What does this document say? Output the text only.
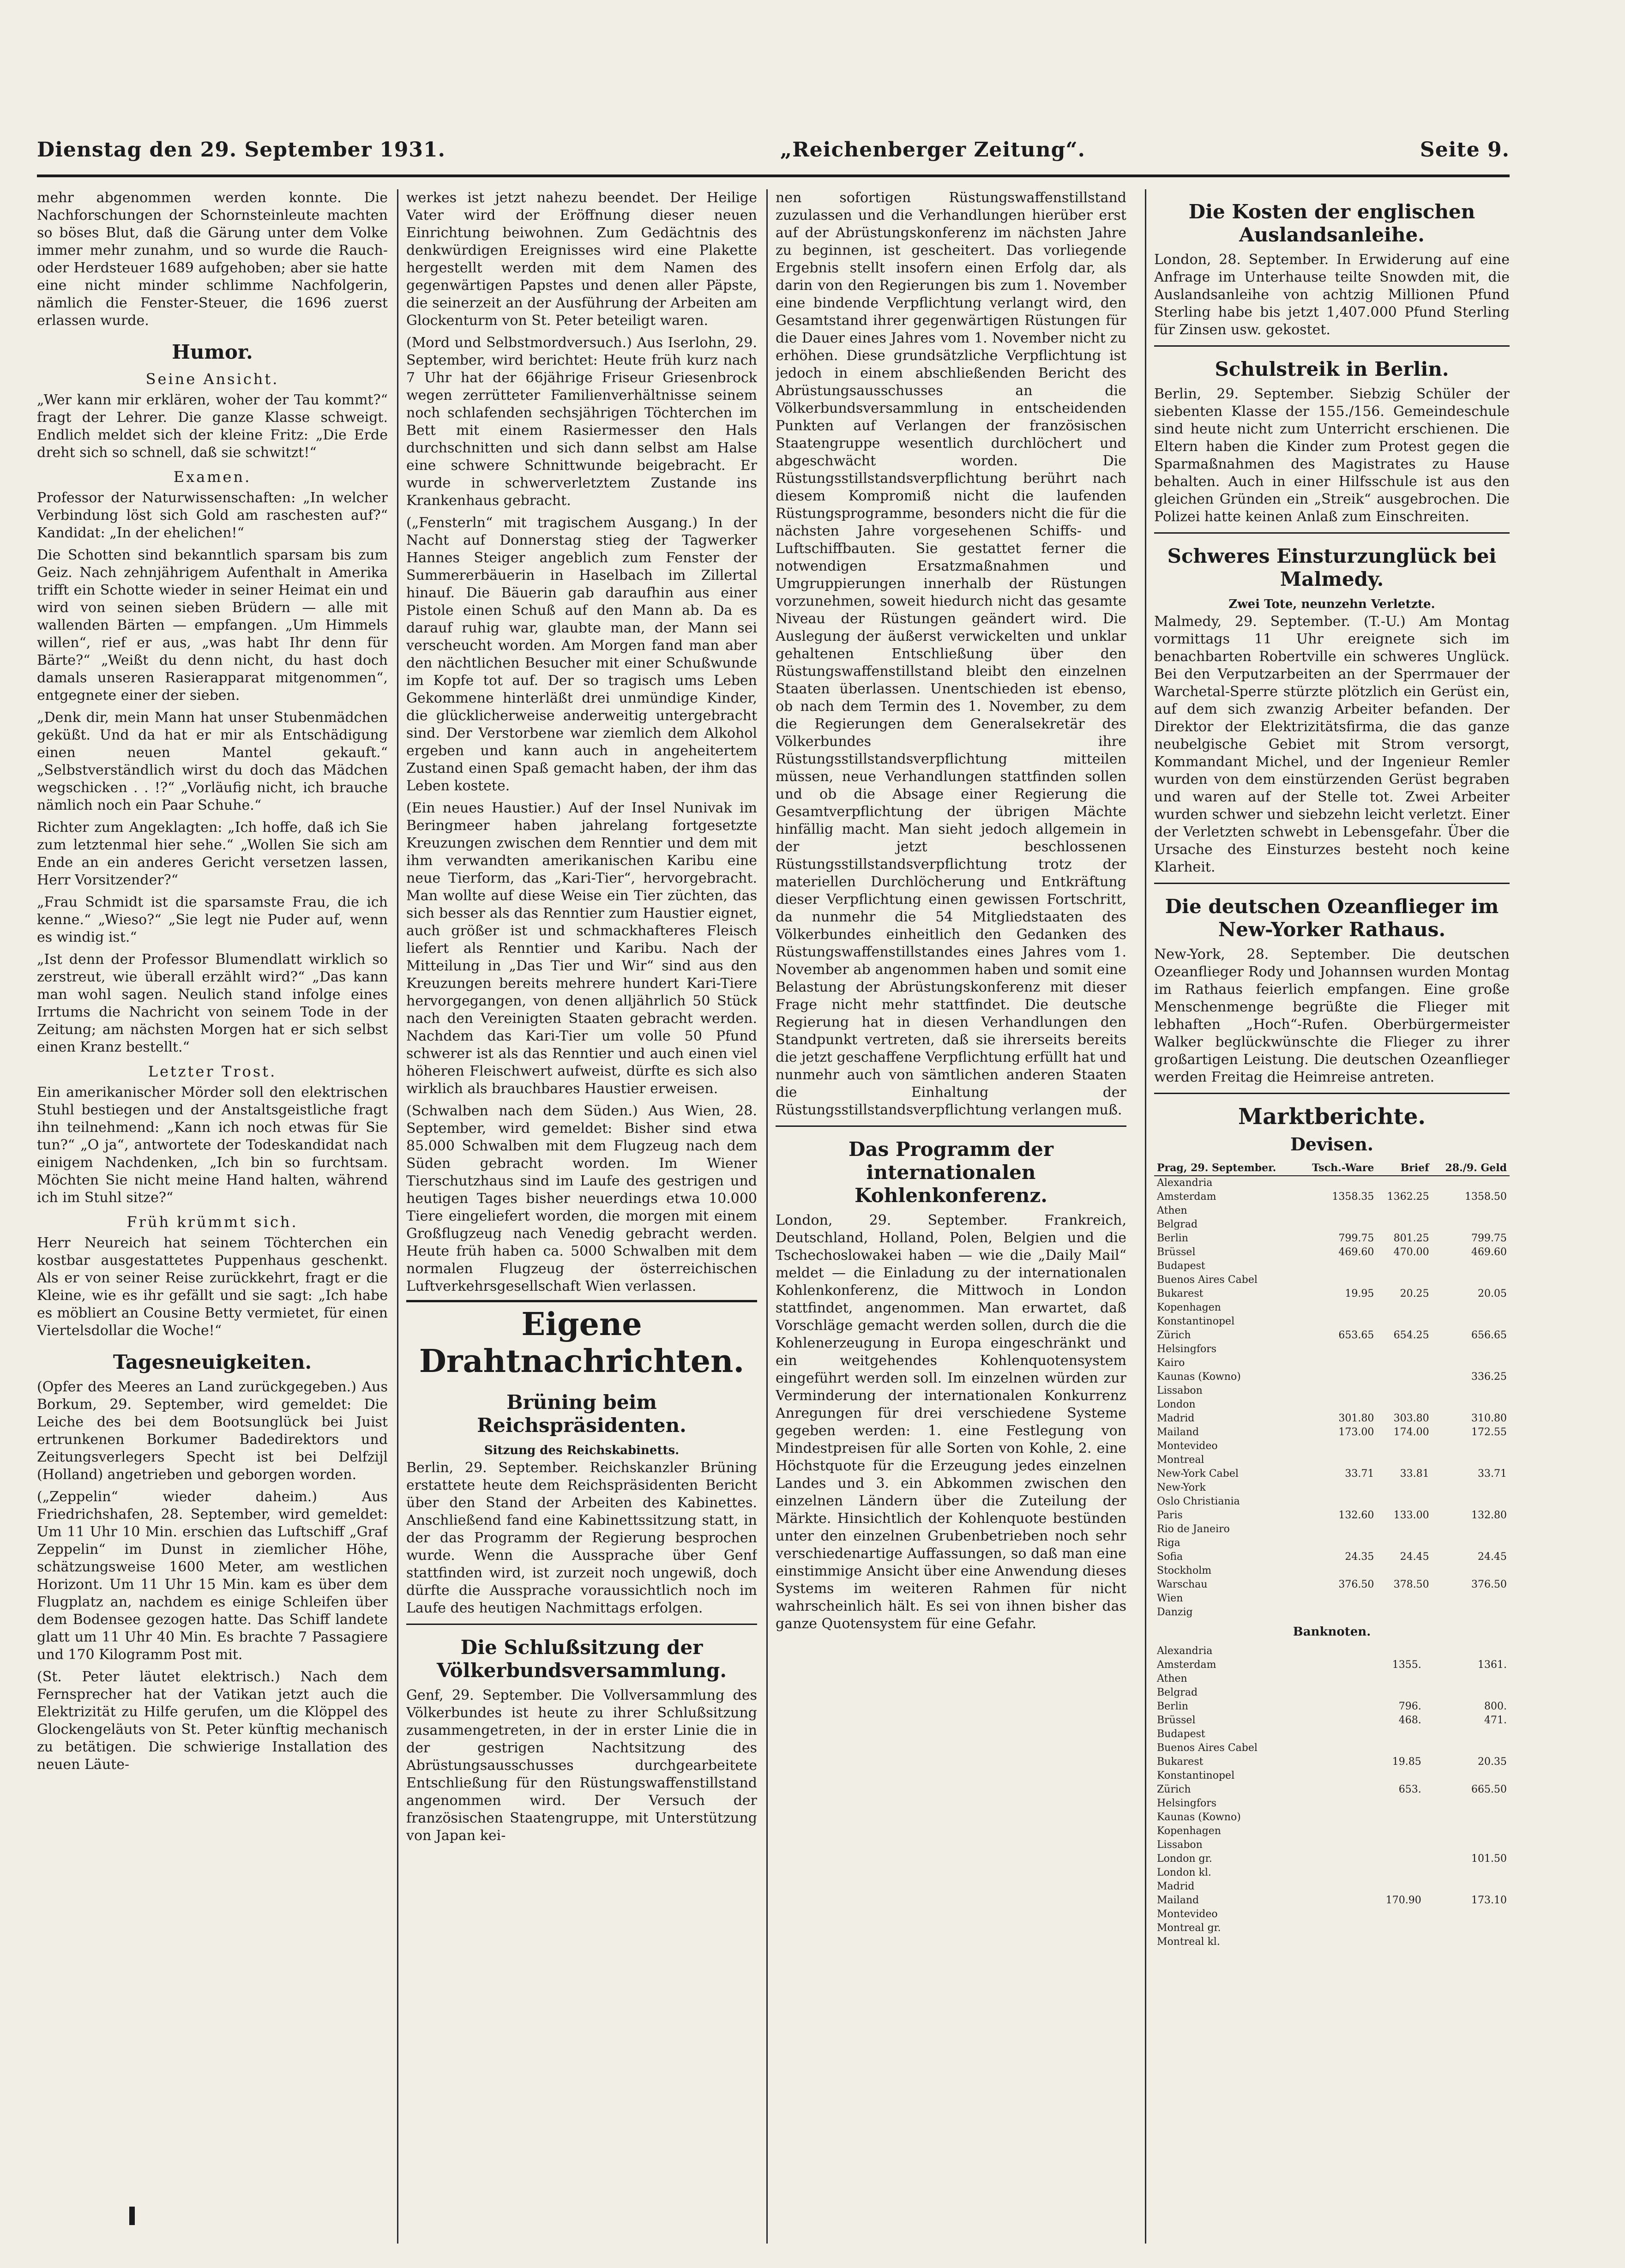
Dienstag den 29. September 1931.	„Reichenberger Zeitung“.	Seite 9.

mehr abgenommen werden konnte. Die Nachforschungen der Schornsteinleute machten so böses Blut, daß die Gärung unter dem Volke immer mehr zunahm, und so wurde die Rauch- oder Herdsteuer 1689 aufgehoben; aber sie hatte eine nicht minder schlimme Nachfolgerin, nämlich die Fenster-Steuer, die 1696 zuerst erlassen wurde.

Humor.
Seine Ansicht.

„Wer kann mir erklären, woher der Tau kommt?“ fragt der Lehrer. Die ganze Klasse schweigt. Endlich meldet sich der kleine Fritz: „Die Erde dreht sich so schnell, daß sie schwitzt!“

Examen.

Professor der Naturwissenschaften: „In welcher Verbindung löst sich Gold am raschesten auf?“ Kandidat: „In der ehelichen!“

Die Schotten sind bekanntlich sparsam bis zum Geiz. Nach zehnjährigem Aufenthalt in Amerika trifft ein Schotte wieder in seiner Heimat ein und wird von seinen sieben Brüdern — alle mit wallenden Bärten — empfangen. „Um Himmels willen“, rief er aus, „was habt Ihr denn für Bärte?“ „Weißt du denn nicht, du hast doch damals unseren Rasierapparat mitgenommen“, entgegnete einer der sieben.

„Denk dir, mein Mann hat unser Stubenmädchen geküßt. Und da hat er mir als Entschädigung einen neuen Mantel gekauft.“ „Selbstverständlich wirst du doch das Mädchen wegschicken . . !?“ „Vorläufig nicht, ich brauche nämlich noch ein Paar Schuhe.“

Richter zum Angeklagten: „Ich hoffe, daß ich Sie zum letztenmal hier sehe.“ „Wollen Sie sich am Ende an ein anderes Gericht versetzen lassen, Herr Vorsitzender?“

„Frau Schmidt ist die sparsamste Frau, die ich kenne.“ „Wieso?“ „Sie legt nie Puder auf, wenn es windig ist.“

„Ist denn der Professor Blumendlatt wirklich so zerstreut, wie überall erzählt wird?“ „Das kann man wohl sagen. Neulich stand infolge eines Irrtums die Nachricht von seinem Tode in der Zeitung; am nächsten Morgen hat er sich selbst einen Kranz bestellt.“

Letzter Trost.

Ein amerikanischer Mörder soll den elektrischen Stuhl bestiegen und der Anstaltsgeistliche fragt ihn teilnehmend: „Kann ich noch etwas für Sie tun?“ „O ja“, antwortete der Todeskandidat nach einigem Nachdenken, „Ich bin so furchtsam. Möchten Sie nicht meine Hand halten, während ich im Stuhl sitze?“

Früh krümmt sich.

Herr Neureich hat seinem Töchterchen ein kostbar ausgestattetes Puppenhaus geschenkt. Als er von seiner Reise zurückkehrt, fragt er die Kleine, wie es ihr gefällt und sie sagt: „Ich habe es möbliert an Cousine Betty vermietet, für einen Viertelsdollar die Woche!“

Tagesneuigkeiten.

(Opfer des Meeres an Land zurückgegeben.) Aus Borkum, 29. September, wird gemeldet: Die Leiche des bei dem Bootsunglück bei Juist ertrunkenen Borkumer Badedirektors und Zeitungsverlegers Specht ist bei Delfzijl (Holland) angetrieben und geborgen worden.

(„Zeppelin“ wieder daheim.) Aus Friedrichshafen, 28. September, wird gemeldet: Um 11 Uhr 10 Min. erschien das Luftschiff „Graf Zeppelin“ im Dunst in ziemlicher Höhe, schätzungsweise 1600 Meter, am westlichen Horizont. Um 11 Uhr 15 Min. kam es über dem Flugplatz an, nachdem es einige Schleifen über dem Bodensee gezogen hatte. Das Schiff landete glatt um 11 Uhr 40 Min. Es brachte 7 Passagiere und 170 Kilogramm Post mit.

(St. Peter läutet elektrisch.) Nach dem Fernsprecher hat der Vatikan jetzt auch die Elektrizität zu Hilfe gerufen, um die Klöppel des Glockengeläuts von St. Peter künftig mechanisch zu betätigen. Die schwierige Installation des neuen Läute-

werkes ist jetzt nahezu beendet. Der Heilige Vater wird der Eröffnung dieser neuen Einrichtung beiwohnen. Zum Gedächtnis des denkwürdigen Ereignisses wird eine Plakette hergestellt werden mit dem Namen des gegenwärtigen Papstes und denen aller Päpste, die seinerzeit an der Ausführung der Arbeiten am Glockenturm von St. Peter beteiligt waren.

(Mord und Selbstmordversuch.) Aus Iserlohn, 29. September, wird berichtet: Heute früh kurz nach 7 Uhr hat der 66jährige Friseur Griesenbrock wegen zerrütteter Familienverhältnisse seinem noch schlafenden sechsjährigen Töchterchen im Bett mit einem Rasiermesser den Hals durchschnitten und sich dann selbst am Halse eine schwere Schnittwunde beigebracht. Er wurde in schwerverletztem Zustande ins Krankenhaus gebracht.

(„Fensterln“ mit tragischem Ausgang.) In der Nacht auf Donnerstag stieg der Tagwerker Hannes Steiger angeblich zum Fenster der Summererbäuerin in Haselbach im Zillertal hinauf. Die Bäuerin gab daraufhin aus einer Pistole einen Schuß auf den Mann ab. Da es darauf ruhig war, glaubte man, der Mann sei verscheucht worden. Am Morgen fand man aber den nächtlichen Besucher mit einer Schußwunde im Kopfe tot auf. Der so tragisch ums Leben Gekommene hinterläßt drei unmündige Kinder, die glücklicherweise anderweitig untergebracht sind. Der Verstorbene war ziemlich dem Alkohol ergeben und kann auch in angeheitertem Zustand einen Spaß gemacht haben, der ihm das Leben kostete.

(Ein neues Haustier.) Auf der Insel Nunivak im Beringmeer haben jahrelang fortgesetzte Kreuzungen zwischen dem Renntier und dem mit ihm verwandten amerikanischen Karibu eine neue Tierform, das „Kari-Tier“, hervorgebracht. Man wollte auf diese Weise ein Tier züchten, das sich besser als das Renntier zum Haustier eignet, auch größer ist und schmackhafteres Fleisch liefert als Renntier und Karibu. Nach der Mitteilung in „Das Tier und Wir“ sind aus den Kreuzungen bereits mehrere hundert Kari-Tiere hervorgegangen, von denen alljährlich 50 Stück nach den Vereinigten Staaten gebracht werden. Nachdem das Kari-Tier um volle 50 Pfund schwerer ist als das Renntier und auch einen viel höheren Fleischwert aufweist, dürfte es sich also wirklich als brauchbares Haustier erweisen.

(Schwalben nach dem Süden.) Aus Wien, 28. September, wird gemeldet: Bisher sind etwa 85.000 Schwalben mit dem Flugzeug nach dem Süden gebracht worden. Im Wiener Tierschutzhaus sind im Laufe des gestrigen und heutigen Tages bisher neuerdings etwa 10.000 Tiere eingeliefert worden, die morgen mit einem Großflugzeug nach Venedig gebracht werden. Heute früh haben ca. 5000 Schwalben mit dem normalen Flugzeug der österreichischen Luftverkehrsgesellschaft Wien verlassen.

Eigene Drahtnachrichten.
Brüning beim Reichspräsidenten.
Sitzung des Reichskabinetts.

Berlin, 29. September. Reichskanzler Brüning erstattete heute dem Reichspräsidenten Bericht über den Stand der Arbeiten des Kabinettes. Anschließend fand eine Kabinettssitzung statt, in der das Programm der Regierung besprochen wurde. Wenn die Aussprache über Genf stattfinden wird, ist zurzeit noch ungewiß, doch dürfte die Aussprache voraussichtlich noch im Laufe des heutigen Nachmittags erfolgen.

Die Schlußsitzung der Völkerbundsversammlung.

Genf, 29. September. Die Vollversammlung des Völkerbundes ist heute zu ihrer Schlußsitzung zusammengetreten, in der in erster Linie die in der gestrigen Nachtsitzung des Abrüstungsausschusses durchgearbeitete Entschließung für den Rüstungswaffenstillstand angenommen wird. Der Versuch der französischen Staatengruppe, mit Unterstützung von Japan kei-

nen sofortigen Rüstungswaffenstillstand zuzulassen und die Verhandlungen hierüber erst auf der Abrüstungskonferenz im nächsten Jahre zu beginnen, ist gescheitert. Das vorliegende Ergebnis stellt insofern einen Erfolg dar, als darin von den Regierungen bis zum 1. November eine bindende Verpflichtung verlangt wird, den Gesamtstand ihrer gegenwärtigen Rüstungen für die Dauer eines Jahres vom 1. November nicht zu erhöhen. Diese grundsätzliche Verpflichtung ist jedoch in einem abschließenden Bericht des Abrüstungsausschusses an die Völkerbundsversammlung in entscheidenden Punkten auf Verlangen der französischen Staatengruppe wesentlich durchlöchert und abgeschwächt worden. Die Rüstungsstillstandsverpflichtung berührt nach diesem Kompromiß nicht die laufenden Rüstungsprogramme, besonders nicht die für die nächsten Jahre vorgesehenen Schiffs- und Luftschiffbauten. Sie gestattet ferner die notwendigen Ersatzmaßnahmen und Umgruppierungen innerhalb der Rüstungen vorzunehmen, soweit hiedurch nicht das gesamte Niveau der Rüstungen geändert wird. Die Auslegung der äußerst verwickelten und unklar gehaltenen Entschließung über den Rüstungswaffenstillstand bleibt den einzelnen Staaten überlassen. Unentschieden ist ebenso, ob nach dem Termin des 1. November, zu dem die Regierungen dem Generalsekretär des Völkerbundes ihre Rüstungsstillstandsverpflichtung mitteilen müssen, neue Verhandlungen stattfinden sollen und ob die Absage einer Regierung die Gesamtverpflichtung der übrigen Mächte hinfällig macht. Man sieht jedoch allgemein in der jetzt beschlossenen Rüstungsstillstandsverpflichtung trotz der materiellen Durchlöcherung und Entkräftung dieser Verpflichtung einen gewissen Fortschritt, da nunmehr die 54 Mitgliedstaaten des Völkerbundes einheitlich den Gedanken des Rüstungswaffenstillstandes eines Jahres vom 1. November ab angenommen haben und somit eine Belastung der Abrüstungskonferenz mit dieser Frage nicht mehr stattfindet. Die deutsche Regierung hat in diesen Verhandlungen den Standpunkt vertreten, daß sie ihrerseits bereits die jetzt geschaffene Verpflichtung erfüllt hat und nunmehr auch von sämtlichen anderen Staaten die Einhaltung der Rüstungsstillstandsverpflichtung verlangen muß.

Das Programm der internationalen Kohlenkonferenz.

London, 29. September. Frankreich, Deutschland, Holland, Polen, Belgien und die Tschechoslowakei haben — wie die „Daily Mail“ meldet — die Einladung zu der internationalen Kohlenkonferenz, die Mittwoch in London stattfindet, angenommen. Man erwartet, daß Vorschläge gemacht werden sollen, durch die die Kohlenerzeugung in Europa eingeschränkt und ein weitgehendes Kohlenquotensystem eingeführt werden soll. Im einzelnen würden zur Verminderung der internationalen Konkurrenz Anregungen für drei verschiedene Systeme gegeben werden: 1. eine Festlegung von Mindestpreisen für alle Sorten von Kohle, 2. eine Höchstquote für die Erzeugung jedes einzelnen Landes und 3. ein Abkommen zwischen den einzelnen Ländern über die Zuteilung der Märkte. Hinsichtlich der Kohlenquote bestünden unter den einzelnen Grubenbetrieben noch sehr verschiedenartige Auffassungen, so daß man eine einstimmige Ansicht über eine Anwendung dieses Systems im weiteren Rahmen für nicht wahrscheinlich hält. Es sei von ihnen bisher das ganze Quotensystem für eine Gefahr.

Die Kosten der englischen Auslandsanleihe.

London, 28. September. In Erwiderung auf eine Anfrage im Unterhause teilte Snowden mit, die Auslandsanleihe von achtzig Millionen Pfund Sterling habe bis jetzt 1,407.000 Pfund Sterling für Zinsen usw. gekostet.

Schulstreik in Berlin.

Berlin, 29. September. Siebzig Schüler der siebenten Klasse der 155./156. Gemeindeschule sind heute nicht zum Unterricht erschienen. Die Eltern haben die Kinder zum Protest gegen die Sparmaßnahmen des Magistrates zu Hause behalten. Auch in einer Hilfsschule ist aus den gleichen Gründen ein „Streik“ ausgebrochen. Die Polizei hatte keinen Anlaß zum Einschreiten.

Schweres Einsturzunglück bei Malmedy.
Zwei Tote, neunzehn Verletzte.

Malmedy, 29. September. (T.-U.) Am Montag vormittags 11 Uhr ereignete sich im benachbarten Robertville ein schweres Unglück. Bei den Verputzarbeiten an der Sperrmauer der Warchetal-Sperre stürzte plötzlich ein Gerüst ein, auf dem sich zwanzig Arbeiter befanden. Der Direktor der Elektrizitätsfirma, die das ganze neubelgische Gebiet mit Strom versorgt, Kommandant Michel, und der Ingenieur Remler wurden von dem einstürzenden Gerüst begraben und waren auf der Stelle tot. Zwei Arbeiter wurden schwer und siebzehn leicht verletzt. Einer der Verletzten schwebt in Lebensgefahr. Über die Ursache des Einsturzes besteht noch keine Klarheit.

Die deutschen Ozeanflieger im New-Yorker Rathaus.

New-York, 28. September. Die deutschen Ozeanflieger Rody und Johannsen wurden Montag im Rathaus feierlich empfangen. Eine große Menschenmenge begrüßte die Flieger mit lebhaften „Hoch“-Rufen. Oberbürgermeister Walker beglückwünschte die Flieger zu ihrer großartigen Leistung. Die deutschen Ozeanflieger werden Freitag die Heimreise antreten.

Marktberichte.
Devisen.
Prag, 29. September.	Tsch.-Ware	Brief	28./9. Geld
Alexandria			
Amsterdam	1358.35	1362.25	1358.50
Athen			
Belgrad			
Berlin	799.75	801.25	799.75
Brüssel	469.60	470.00	469.60
Budapest			
Buenos Aires Cabel			
Bukarest	19.95	20.25	20.05
Kopenhagen			
Konstantinopel			
Zürich	653.65	654.25	656.65
Helsingfors			
Kairo			
Kaunas (Kowno)			336.25
Lissabon			
London			
Madrid	301.80	303.80	310.80
Mailand	173.00	174.00	172.55
Montevideo			
Montreal			
New-York Cabel	33.71	33.81	33.71
New-York			
Oslo Christiania			
Paris	132.60	133.00	132.80
Rio de Janeiro			
Riga			
Sofia	24.35	24.45	24.45
Stockholm			
Warschau	376.50	378.50	376.50
Wien			
Danzig			
Banknoten.
Alexandria			
Amsterdam	1355.		1361.
Athen			
Belgrad			
Berlin	796.		800.
Brüssel	468.		471.
Budapest			
Buenos Aires Cabel			
Bukarest	19.85		20.35
Konstantinopel			
Zürich	653.		665.50
Helsingfors			
Kaunas (Kowno)			
Kopenhagen			
Lissabon			
London gr.			101.50
London kl.			
Madrid			
Mailand	170.90		173.10
Montevideo			
Montreal gr.			
Montreal kl.			
